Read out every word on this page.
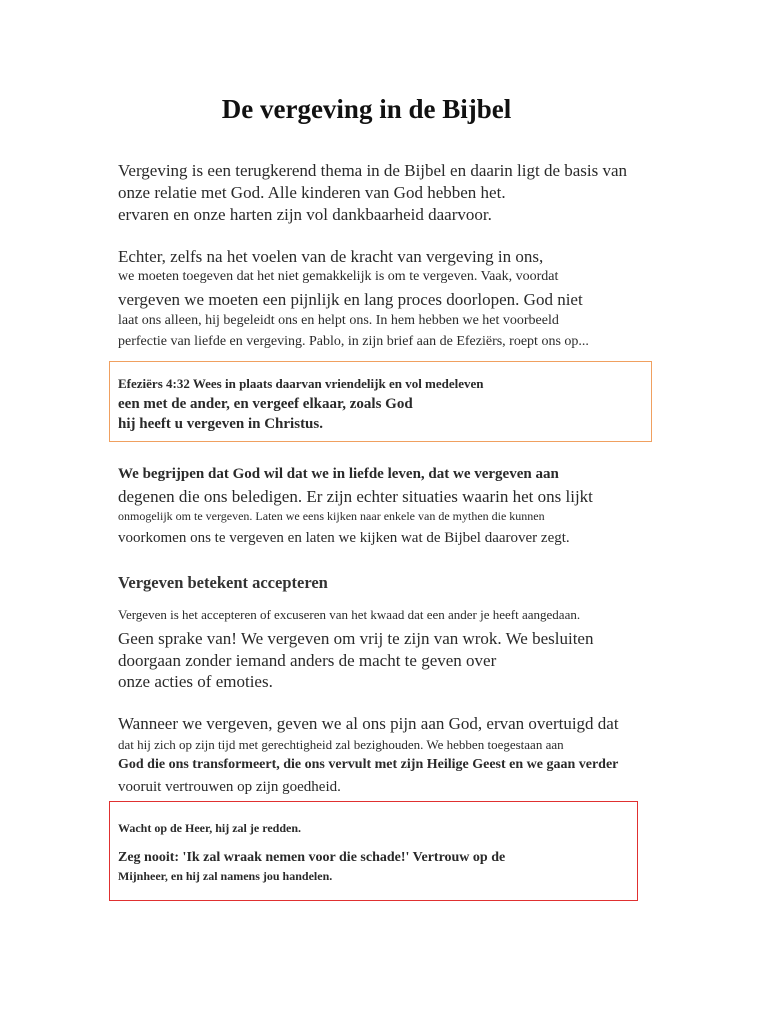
De vergeving in de Bijbel

Vergeving is een terugkerend thema in de Bijbel en daarin ligt de basis van

onze relatie met God. Alle kinderen van God hebben het.

ervaren en onze harten zijn vol dankbaarheid daarvoor.

Echter, zelfs na het voelen van de kracht van vergeving in ons,

we moeten toegeven dat het niet gemakkelijk is om te vergeven. Vaak, voordat

vergeven we moeten een pijnlijk en lang proces doorlopen. God niet

laat ons alleen, hij begeleidt ons en helpt ons. In hem hebben we het voorbeeld

perfectie van liefde en vergeving. Pablo, in zijn brief aan de Efeziërs, roept ons op...

Efeziërs 4:32 Wees in plaats daarvan vriendelijk en vol medeleven

een met de ander, en vergeef elkaar, zoals God

hij heeft u vergeven in Christus.

We begrijpen dat God wil dat we in liefde leven, dat we vergeven aan

degenen die ons beledigen. Er zijn echter situaties waarin het ons lijkt

onmogelijk om te vergeven. Laten we eens kijken naar enkele van de mythen die kunnen

voorkomen ons te vergeven en laten we kijken wat de Bijbel daarover zegt.

Vergeven betekent accepteren

Vergeven is het accepteren of excuseren van het kwaad dat een ander je heeft aangedaan.

Geen sprake van! We vergeven om vrij te zijn van wrok. We besluiten

doorgaan zonder iemand anders de macht te geven over

onze acties of emoties.

Wanneer we vergeven, geven we al ons pijn aan God, ervan overtuigd dat

dat hij zich op zijn tijd met gerechtigheid zal bezighouden. We hebben toegestaan aan

God die ons transformeert, die ons vervult met zijn Heilige Geest en we gaan verder

vooruit vertrouwen op zijn goedheid.

Wacht op de Heer, hij zal je redden.

Zeg nooit: 'Ik zal wraak nemen voor die schade!' Vertrouw op de

Mijnheer, en hij zal namens jou handelen.
